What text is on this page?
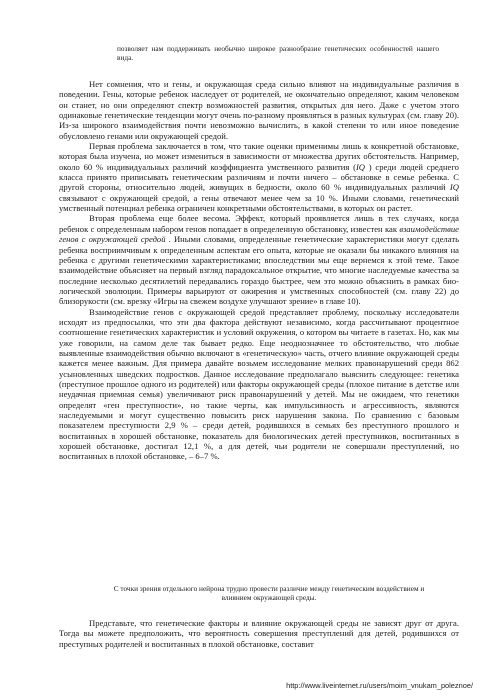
позволяет нам поддерживать необычно широкое разнообразие генетических особенностей нашего вида.

Нет сомнения, что и гены, и окружающая среда сильно влияют на индивидуальные различия в поведении. Гены, которые ребенок наследует от родителей, не окончательно определяют, каким человеком он станет, но они определяют спектр возможностей развития, открытых для него. Даже с учетом этого одинаковые генетические тенденции могут очень по-разному проявляться в разных культурах (см. главу 20). Из-за широкого взаимодействия почти невозможно вычислить, в какой степени то или иное поведение обусловлено генами или окружающей средой.

Первая проблема заключается в том, что такие оценки применимы лишь к конкретной обстановке, которая была изучена, но может измениться в зависимости от множества других обстоятельств. Например, около 60 % индивидуальных различий коэффициента умственного развития (IQ ) среди людей среднего класса принято приписывать генетическим различиям и почти ничего – обстановке в семье ребенка. С другой стороны, относительно людей, живущих в бедности, около 60 % индивидуальных различий IQ связывают с окружающей средой, а гены отвечают менее чем за 10 %. Иными словами, генетический умственный потенциал ребенка ограничен конкретными обстоятельствами, в которых он растет.

Вторая проблема еще более весома. Эффект, который проявляется лишь в тех случаях, когда ребенок с определенным набором генов попадает в определенную обстановку, известен как взаимодействие генов с окружающей средой . Иными словами, определенные генетические характеристики могут сделать ребенка восприимчивым к определенным аспектам его опыта, которые не оказали бы никакого влияния на ребенка с другими генетическими характеристиками; впоследствии мы еще вернемся к этой теме. Такое взаимодействие объясняет на первый взгляд парадоксальное открытие, что многие наследуемые качества за последние несколько десятилетий передавались гораздо быстрее, чем это можно объяснить в рамках био-логической эволюции. Примеры варьируют от ожирения и умственных способностей (см. главу 22) до близорукости (см. врезку «Игры на свежем воздухе улучшают зрение» в главе 10).

Взаимодействие генов с окружающей средой представляет проблему, поскольку исследователи исходят из предпосылки, что эти два фактора действуют независимо, когда рассчитывают процентное соотношение генетических характеристик и условий окружения, о котором вы читаете в газетах. Но, как мы уже говорили, на самом деле так бывает редко. Еще неоднозначнее то обстоятельство, что любые выявленные взаимодействия обычно включают в «генетическую» часть, отчего влияние окружающей среды кажется менее важным. Для примера давайте возьмем исследование мелких правонарушений среди 862 усыновленных шведских подростков. Данное исследование предполагало выяснить следующее: генетика (преступное прошлое одного из родителей) или факторы окружающей среды (плохое питание в детстве или неудачная приемная семья) увеличивают риск правонарушений у детей. Мы не ожидаем, что генетики определят «ген преступности», но такие черты, как импульсивность и агрессивность, являются наследуемыми и могут существенно повысить риск нарушения закона. По сравнению с базовым показателем преступности 2,9 % – среди детей, родившихся в семьях без преступного прошлого и воспитанных в хорошей обстановке, показатель для биологических детей преступников, воспитанных в хорошей обстановке, достигал 12,1 %, а для детей, чьи родители не совершали преступлений, но воспитанных в плохой обстановке, – 6–7 %.

С точки зрения отдельного нейрона трудно провести различие между генетическим воздействием и влиянием окружающей среды.

Представьте, что генетические факторы и влияние окружающей среды не зависят друг от друга. Тогда вы можете предположить, что вероятность совершения преступлений для детей, родившихся от преступных родителей и воспитанных в плохой обстановке, составит

http://www.liveinternet.ru/users/moim_vnukam_poleznoe/
